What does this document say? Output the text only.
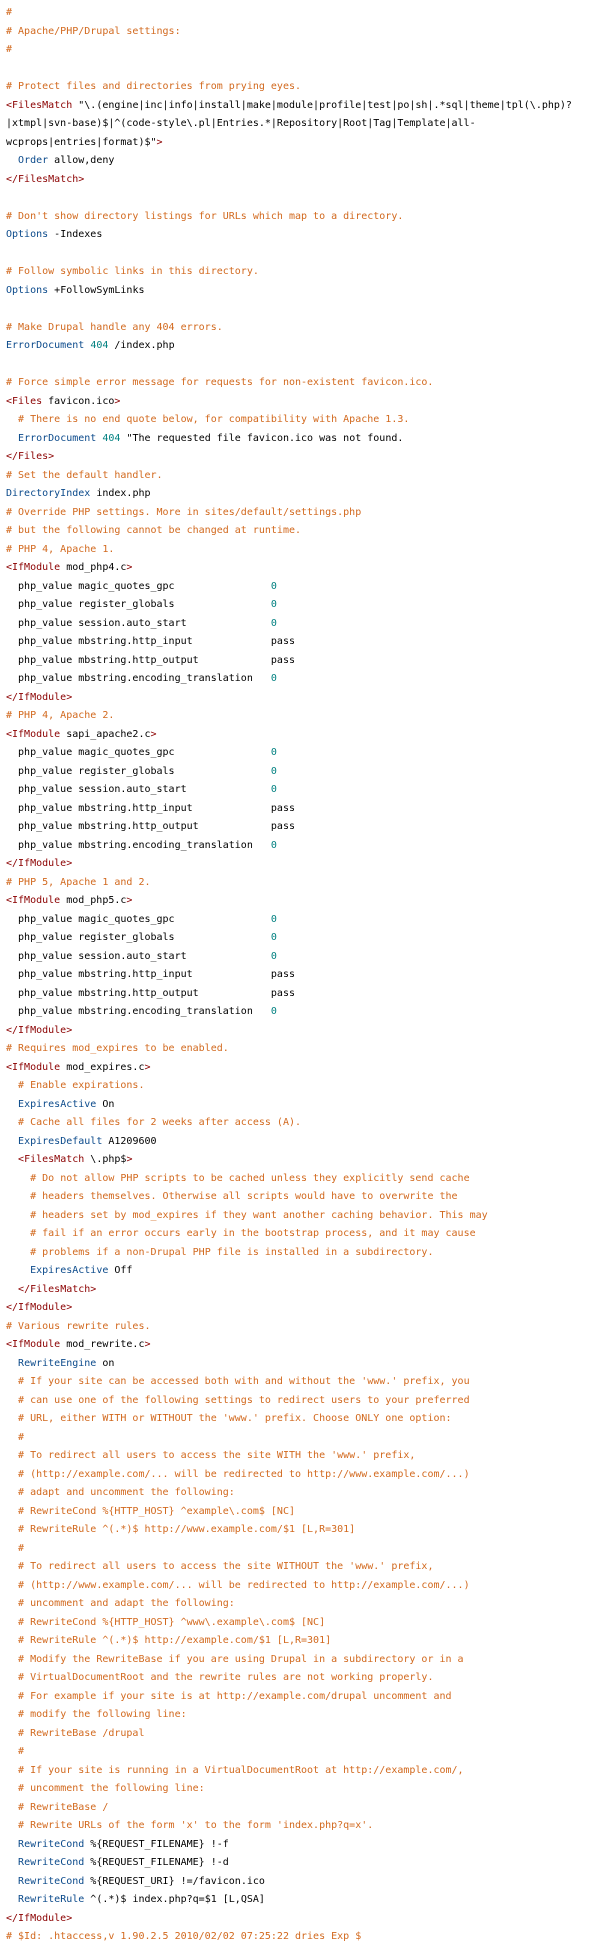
#
# Apache/PHP/Drupal settings:
#
# Protect files and directories from prying eyes.
<FilesMatch "\.(engine|inc|info|install|make|module|profile|test|po|sh|.*sql|theme|tpl(\.php)?
|xtmpl|svn-base)$|^(code-style\.pl|Entries.*|Repository|Root|Tag|Template|all-
wcprops|entries|format)$">
Order allow,deny
</FilesMatch>
# Don't show directory listings for URLs which map to a directory.
Options -Indexes
# Follow symbolic links in this directory.
Options +FollowSymLinks
# Make Drupal handle any 404 errors.
ErrorDocument 404 /index.php
# Force simple error message for requests for non-existent favicon.ico.
<Files favicon.ico>
# There is no end quote below, for compatibility with Apache 1.3.
ErrorDocument 404 "The requested file favicon.ico was not found.
</Files>
# Set the default handler.
DirectoryIndex index.php
# Override PHP settings. More in sites/default/settings.php
# but the following cannot be changed at runtime.
# PHP 4, Apache 1.
<IfModule mod_php4.c>
php_value magic_quotes_gpc                0
php_value register_globals                0
php_value session.auto_start              0
php_value mbstring.http_input             pass
php_value mbstring.http_output            pass
php_value mbstring.encoding_translation   0
</IfModule>
# PHP 4, Apache 2.
<IfModule sapi_apache2.c>
php_value magic_quotes_gpc                0
php_value register_globals                0
php_value session.auto_start              0
php_value mbstring.http_input             pass
php_value mbstring.http_output            pass
php_value mbstring.encoding_translation   0
</IfModule>
# PHP 5, Apache 1 and 2.
<IfModule mod_php5.c>
php_value magic_quotes_gpc                0
php_value register_globals                0
php_value session.auto_start              0
php_value mbstring.http_input             pass
php_value mbstring.http_output            pass
php_value mbstring.encoding_translation   0
</IfModule>
# Requires mod_expires to be enabled.
<IfModule mod_expires.c>
# Enable expirations.
ExpiresActive On
# Cache all files for 2 weeks after access (A).
ExpiresDefault A1209600
<FilesMatch \.php$>
# Do not allow PHP scripts to be cached unless they explicitly send cache
# headers themselves. Otherwise all scripts would have to overwrite the
# headers set by mod_expires if they want another caching behavior. This may
# fail if an error occurs early in the bootstrap process, and it may cause
# problems if a non-Drupal PHP file is installed in a subdirectory.
ExpiresActive Off
</FilesMatch>
</IfModule>
# Various rewrite rules.
<IfModule mod_rewrite.c>
RewriteEngine on
# If your site can be accessed both with and without the 'www.' prefix, you
# can use one of the following settings to redirect users to your preferred
# URL, either WITH or WITHOUT the 'www.' prefix. Choose ONLY one option:
#
# To redirect all users to access the site WITH the 'www.' prefix,
# (http://example.com/... will be redirected to http://www.example.com/...)
# adapt and uncomment the following:
# RewriteCond %{HTTP_HOST} ^example\.com$ [NC]
# RewriteRule ^(.*)$ http://www.example.com/$1 [L,R=301]
#
# To redirect all users to access the site WITHOUT the 'www.' prefix,
# (http://www.example.com/... will be redirected to http://example.com/...)
# uncomment and adapt the following:
# RewriteCond %{HTTP_HOST} ^www\.example\.com$ [NC]
# RewriteRule ^(.*)$ http://example.com/$1 [L,R=301]
# Modify the RewriteBase if you are using Drupal in a subdirectory or in a
# VirtualDocumentRoot and the rewrite rules are not working properly.
# For example if your site is at http://example.com/drupal uncomment and
# modify the following line:
# RewriteBase /drupal
#
# If your site is running in a VirtualDocumentRoot at http://example.com/,
# uncomment the following line:
# RewriteBase /
# Rewrite URLs of the form 'x' to the form 'index.php?q=x'.
RewriteCond %{REQUEST_FILENAME} !-f
RewriteCond %{REQUEST_FILENAME} !-d
RewriteCond %{REQUEST_URI} !=/favicon.ico
RewriteRule ^(.*)$ index.php?q=$1 [L,QSA]
</IfModule>
# $Id: .htaccess,v 1.90.2.5 2010/02/02 07:25:22 dries Exp $
